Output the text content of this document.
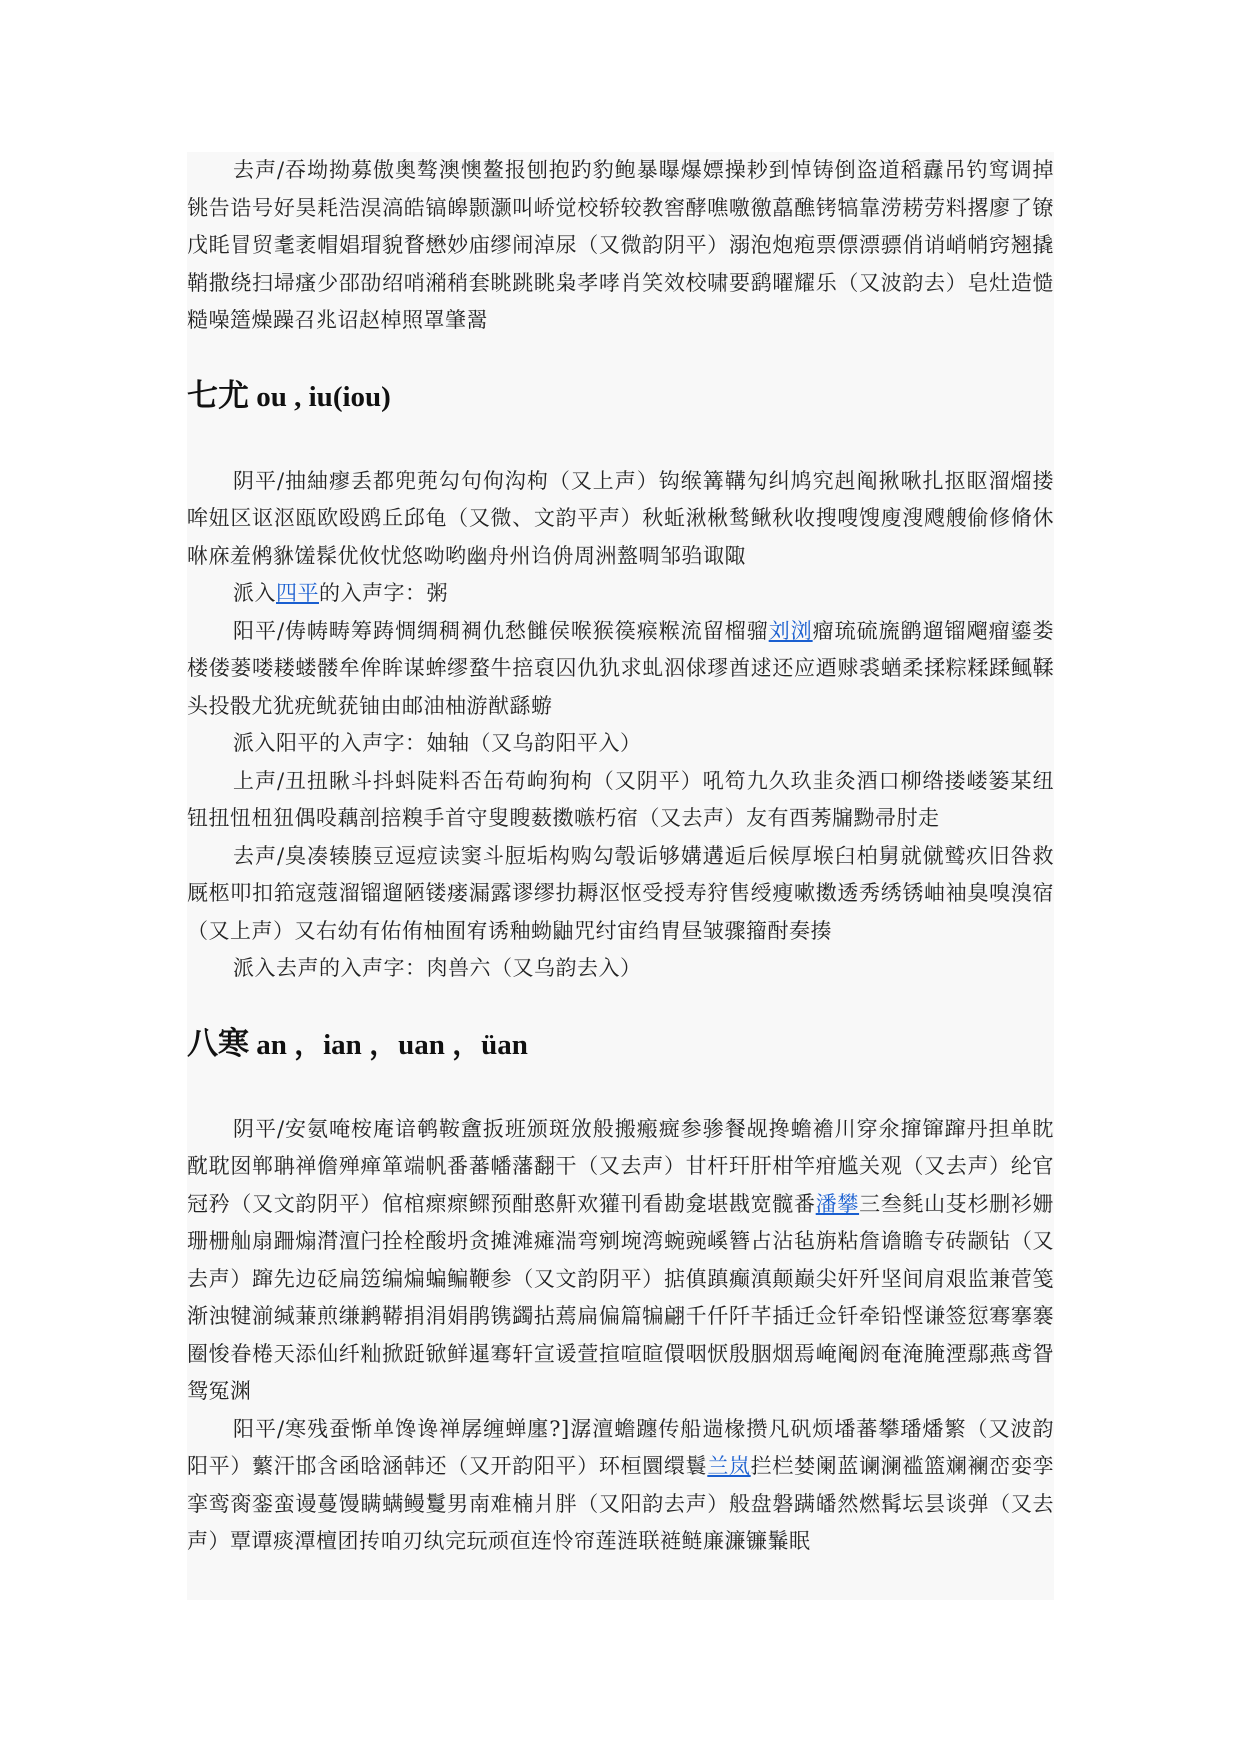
去声/吞坳拗募傲奥骜澳懊鳌报刨抱趵豹鲍暴曝爆嫖操耖到悼铸倒盗道稻纛吊钓窎调掉铫告诰号好昊耗浩淏滈皓镐皞颢灏叫峤觉校轿较教窖酵噍噭徼藠醮铐犒靠涝耢劳料撂廖了镣戊眊冒贸耄袤帽娼瑁貌瞀懋妙庙缪闹淖尿（又微韵阴平）溺泡炮疱票僄漂骠俏诮峭帩窍翘撬鞘撒绕扫埽瘙少邵劭绍哨潲稍套眺跳眺枭孝哮肖笑效校啸要鹞曜耀乐（又波韵去）皂灶造慥糙噪簉燥躁召兆诏赵棹照罩肇翯

七尤 ou , iu(iou)

阴平/抽紬瘳丢都兜蔸勾句佝沟枸（又上声）钩缑篝鞲勼纠鸠究赳阄揪啾扎抠眍溜熘搂哞妞区讴沤瓯欧殴鸥丘邱龟（又微、文韵平声）秋蚯湫楸鹙鳅秋收搜嗖馊廋溲飕艘偷修脩休咻庥羞鸺貅馐髹优攸忧悠呦哟幽舟州诌侜周洲盩啁邹驺诹陬

派入四平的入声字：粥

阳平/俦帱畴筹踌惆绸稠裯仇愁雠侯喉猴篌瘊糇流留榴骝刘浏瘤琉硫旒鹠遛镏飗瘤鎏娄楼偻蒌喽耧蝼髅牟侔眸谋蛑缪蝥牛掊裒囚仇犰求虬泅俅璆酋逑还应逎赇裘蝤柔揉粽糅蹂鲺鞣头投骰尤犹疣鱿莸铀由邮油柚游猷繇蝣

派入阳平的入声字：妯轴（又乌韵阳平入）

上声/丑扭瞅斗抖蚪陡料否缶苟岣狗枸（又阴平）吼笱九久玖韭灸酒口柳绺搂嵝篓某纽钮扭忸杻狃偶吺藕剖掊糗手首守叟瞍薮擞嗾朽宿（又去声）友有酉莠牖黝帚肘走

去声/臭凑辏腠豆逗痘读窦斗脰垢构购勾彀诟够媾遘逅后候厚堠臼柏舅就僦鹫疚旧咎救厩柩叩扣筘寇蔻溜镏遛陋镂瘘漏露谬缪扐耨沤怄受授寿狩售绶瘦嗽擞透秀绣锈岫袖臭嗅溴宿（又上声）又右幼有佑侑柚囿宥诱釉蚴鼬咒纣宙绉胄昼皱骤籀酎奏揍

派入去声的入声字：肉兽六（又乌韵去入）

八寒 an ，ian ，uan ，üan

阴平/安氨唵桉庵谙鹌鞍盦扳班颁斑攽般搬瘢癍参骖餐觇搀蟾襜川穿氽撺镩蹿丹担单眈酖耽囡郸聃禅儋殚瘅箪端帆番蕃幡藩翻干（又去声）甘杆玕肝柑竿疳尴关观（又去声）纶官冠矜（又文韵阴平）倌棺瘝瘝鳏预酣憨鼾欢獾刊看勘龛堪戡宽髋番潘攀三叁毵山芟杉删衫姗珊栅舢扇跚煽潸澶闩拴栓酸坍贪摊滩瘫湍弯剜埦湾蜿豌嵠簪占沾毡旃粘詹谵瞻专砖颛钻（又去声）蹿先边砭扁笾编煸蝙鳊鞭参（又文韵阴平）掂傎蹎癫滇颠巅尖奸歼坚间肩艰监兼菅笺渐浊犍湔缄蒹煎缣鹣鞯捐涓娟鹃镌蠲拈蔫扁偏篇犏翩千仟阡芊插迁佥钎牵铅悭谦签愆骞搴褰圈悛眷棬天添仙纤籼掀跹锨鲜暹骞轩宣谖萱揎喧暄儇咽恹殷胭烟焉崦阉阏奄淹腌湮鄢燕鸢眢鸳冤渊

阳平/寒残蚕惭单馋谗禅孱缠蝉廛?]潺澶蟾躔传船遄椽攒凡矾烦墦蕃攀璠燔繁（又波韵阳平）蘩汗邯含函晗涵韩还（又开韵阳平）环桓圜缳鬟兰岚拦栏婪阑蓝谰澜褴篮斓襕峦娈孪挛鸾脔銮蛮谩蔓馒瞒螨鳗鬘男南难楠爿胖（又阳韵去声）般盘磐蹒皤然燃髯坛昙谈弹（又去声）覃谭痰潭檀团抟咱刃纨完玩顽亱连怜帘莲涟联裢鲢廉濂镰鬑眠
